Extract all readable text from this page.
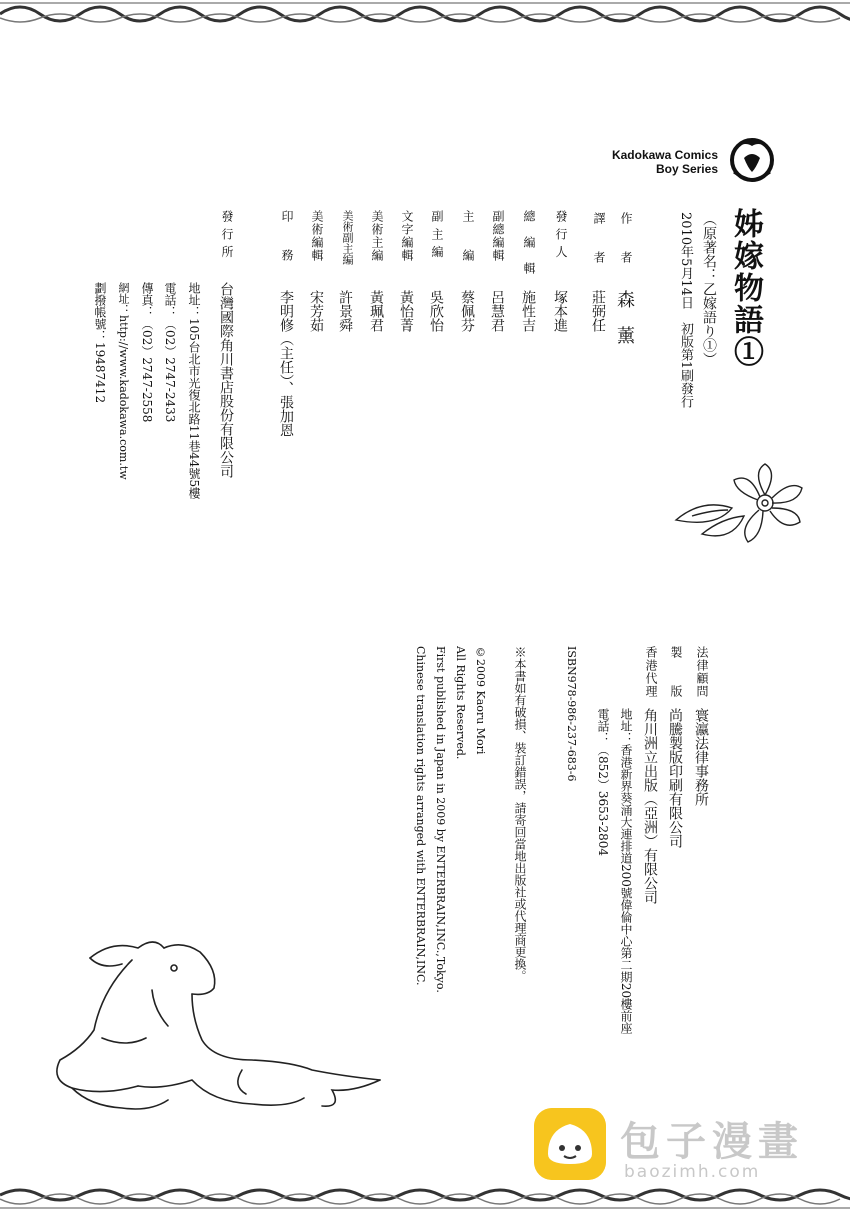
Kadokawa Comics
Boy Series
姊嫁物語①
（原著名：乙嫁語り①）
2010年5月14日　初版第1刷發行
作　　者
森　薰
譯　　者
莊弼任
發 行 人
塚本進
總　編　輯
施性吉
副總編輯
呂慧君
主　　編
蔡佩芬
副 主 編
吳欣怡
文字編輯
黃怡菁
美術主編
黃珮君
美術副主編
許景舜
美術編輯
宋芳茹
印　　務
李明修（主任）、張加恩
發 行 所
台灣國際角川書店股份有限公司
地址：105台北市光復北路11巷44號5樓
電話：（02）2747-2433
傳真：（02）2747-2558
網址：http://www.kadokawa.com.tw
劃撥帳號：19487412
法律顧問
寰瀛法律事務所
製　　版
尚騰製版印刷有限公司
香港代理
角川洲立出版（亞洲）有限公司
地址：香港新界葵涌大連排道200號偉倫中心第二期20樓前座
電話：（852）3653-2804
ISBN978-986-237-683-6
※本書如有破損、裝訂錯誤，請寄回當地出版社或代理商更換。
©2009 Kaoru Mori
All Rights Reserved.
First published in Japan in 2009 by ENTERBRAIN,INC.,Tokyo.
Chinese translation rights arranged with ENTERBRAIN,INC.
包子漫畫
baozimh.com
